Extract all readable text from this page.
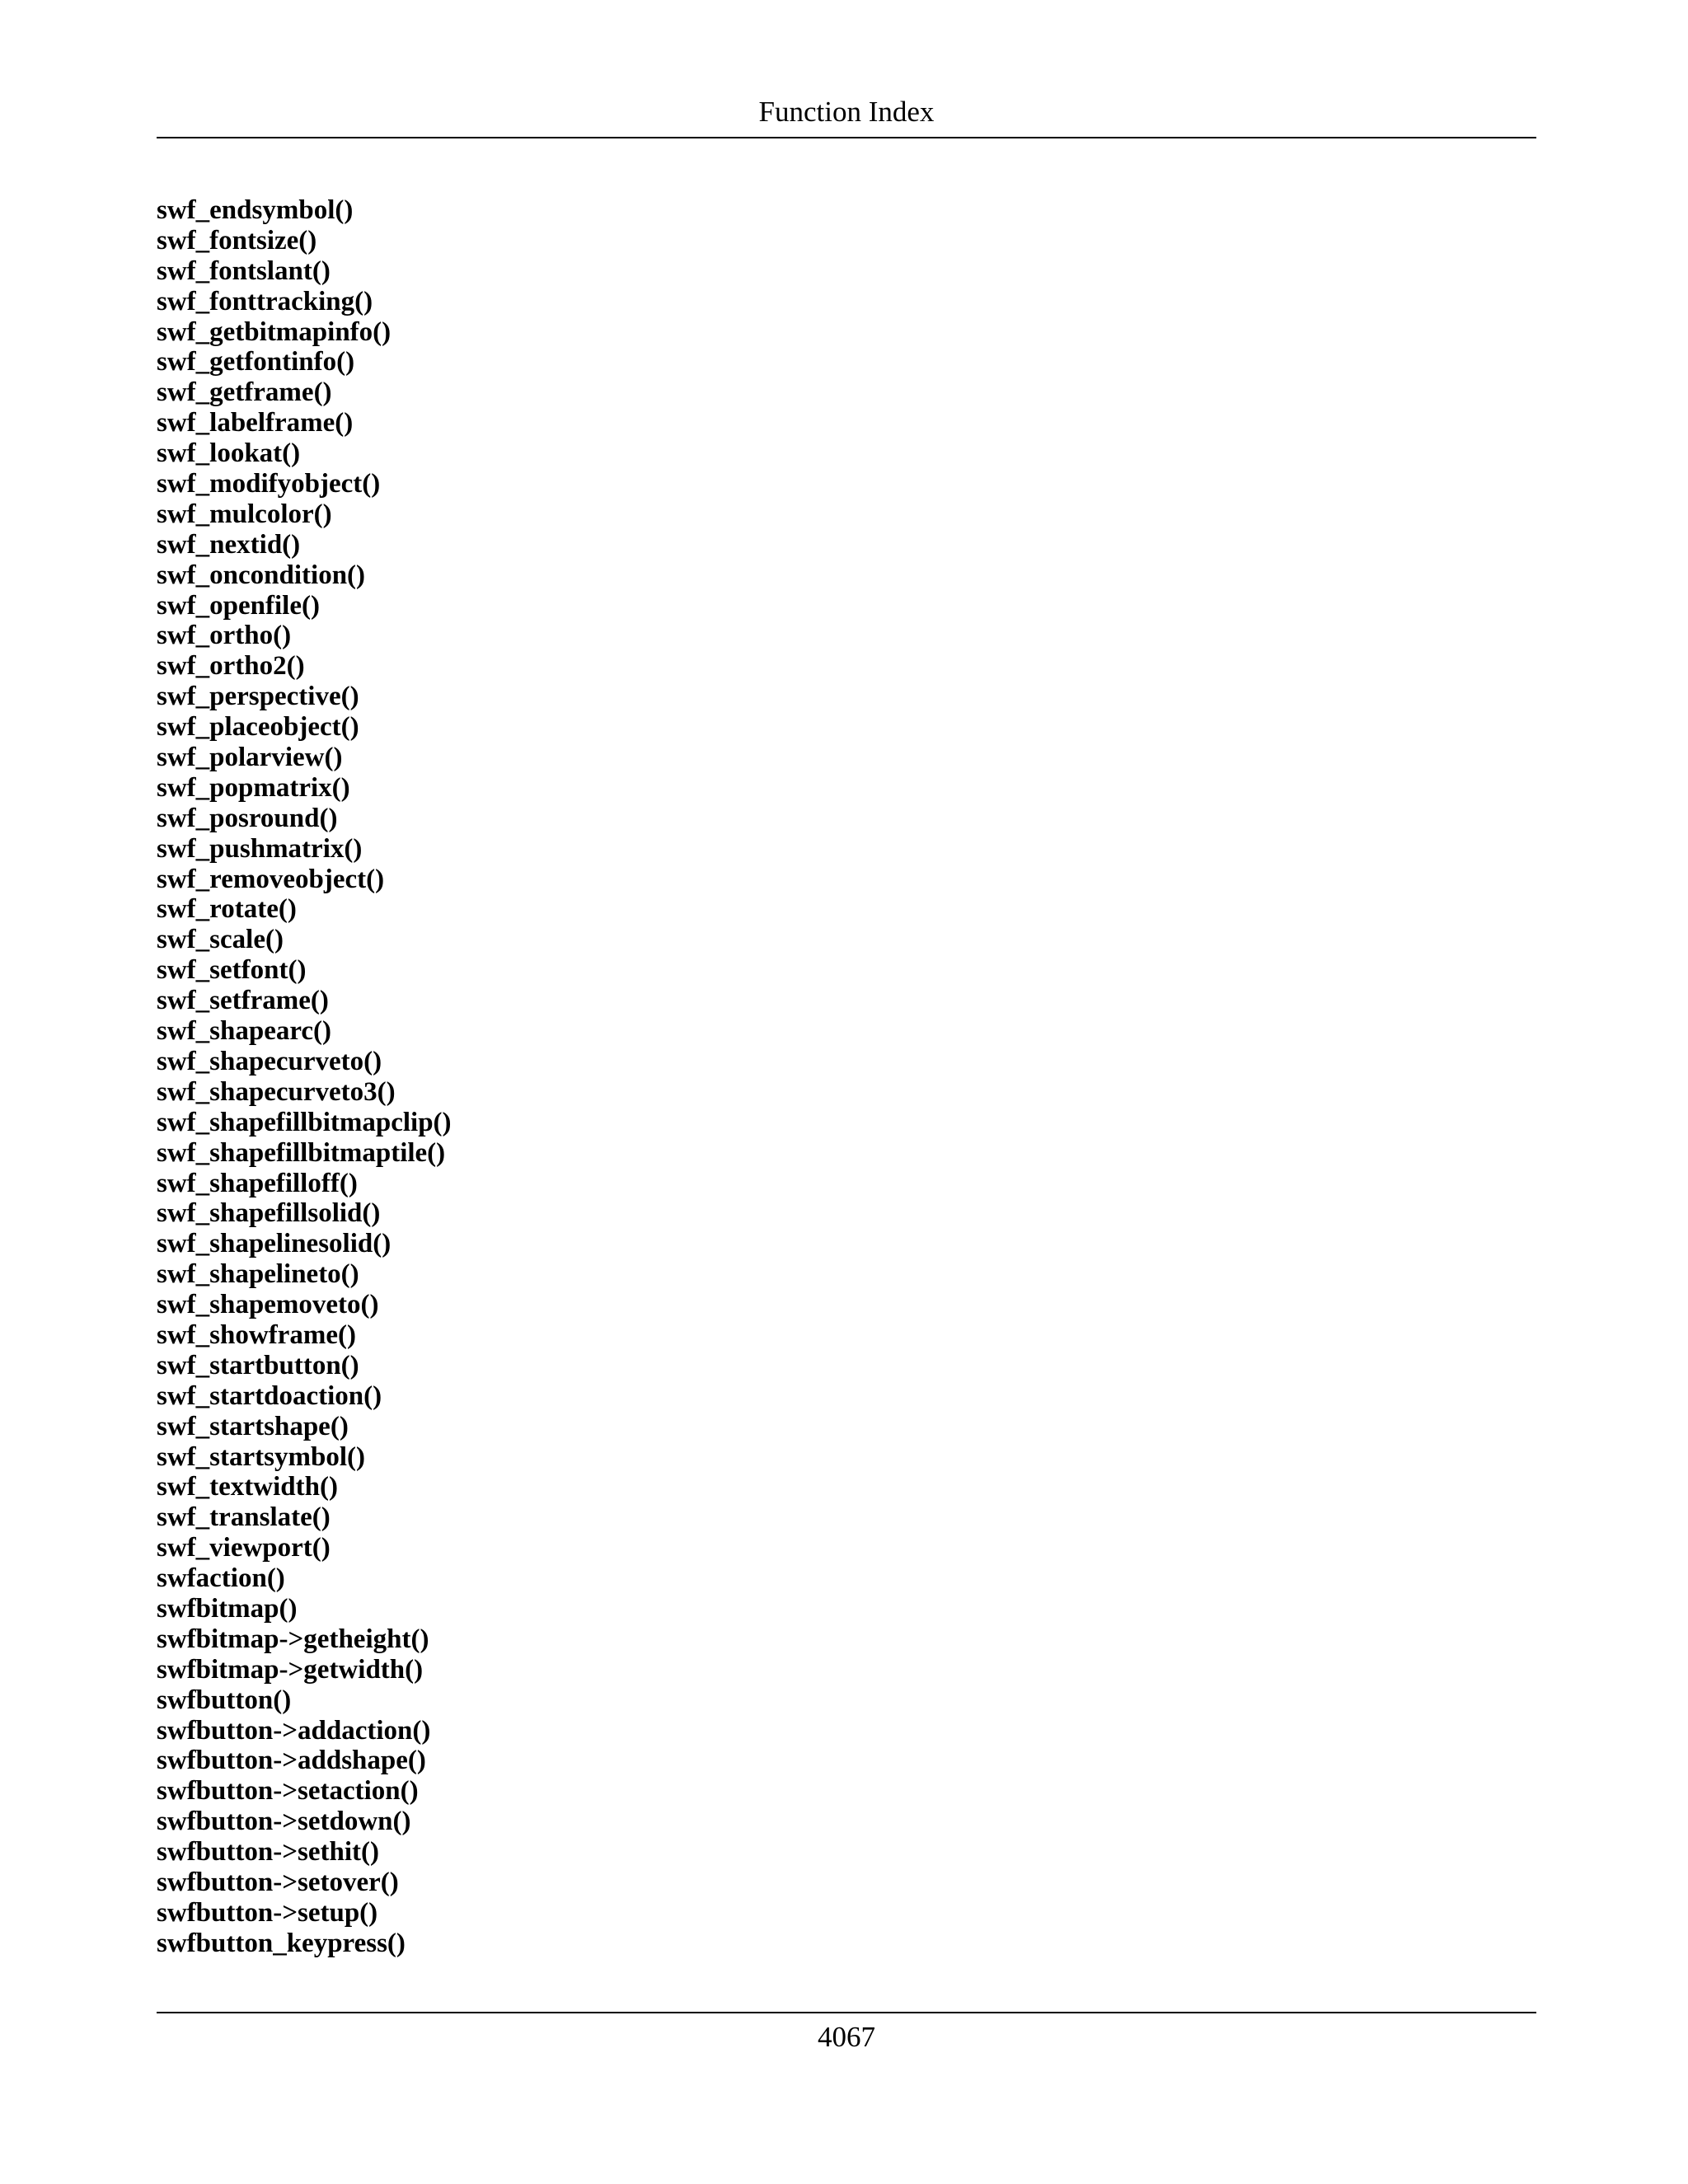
Function Index
swf_endsymbol()
swf_fontsize()
swf_fontslant()
swf_fonttracking()
swf_getbitmapinfo()
swf_getfontinfo()
swf_getframe()
swf_labelframe()
swf_lookat()
swf_modifyobject()
swf_mulcolor()
swf_nextid()
swf_oncondition()
swf_openfile()
swf_ortho()
swf_ortho2()
swf_perspective()
swf_placeobject()
swf_polarview()
swf_popmatrix()
swf_posround()
swf_pushmatrix()
swf_removeobject()
swf_rotate()
swf_scale()
swf_setfont()
swf_setframe()
swf_shapearc()
swf_shapecurveto()
swf_shapecurveto3()
swf_shapefillbitmapclip()
swf_shapefillbitmaptile()
swf_shapefilloff()
swf_shapefillsolid()
swf_shapelinesolid()
swf_shapelineto()
swf_shapemoveto()
swf_showframe()
swf_startbutton()
swf_startdoaction()
swf_startshape()
swf_startsymbol()
swf_textwidth()
swf_translate()
swf_viewport()
swfaction()
swfbitmap()
swfbitmap->getheight()
swfbitmap->getwidth()
swfbutton()
swfbutton->addaction()
swfbutton->addshape()
swfbutton->setaction()
swfbutton->setdown()
swfbutton->sethit()
swfbutton->setover()
swfbutton->setup()
swfbutton_keypress()
4067
